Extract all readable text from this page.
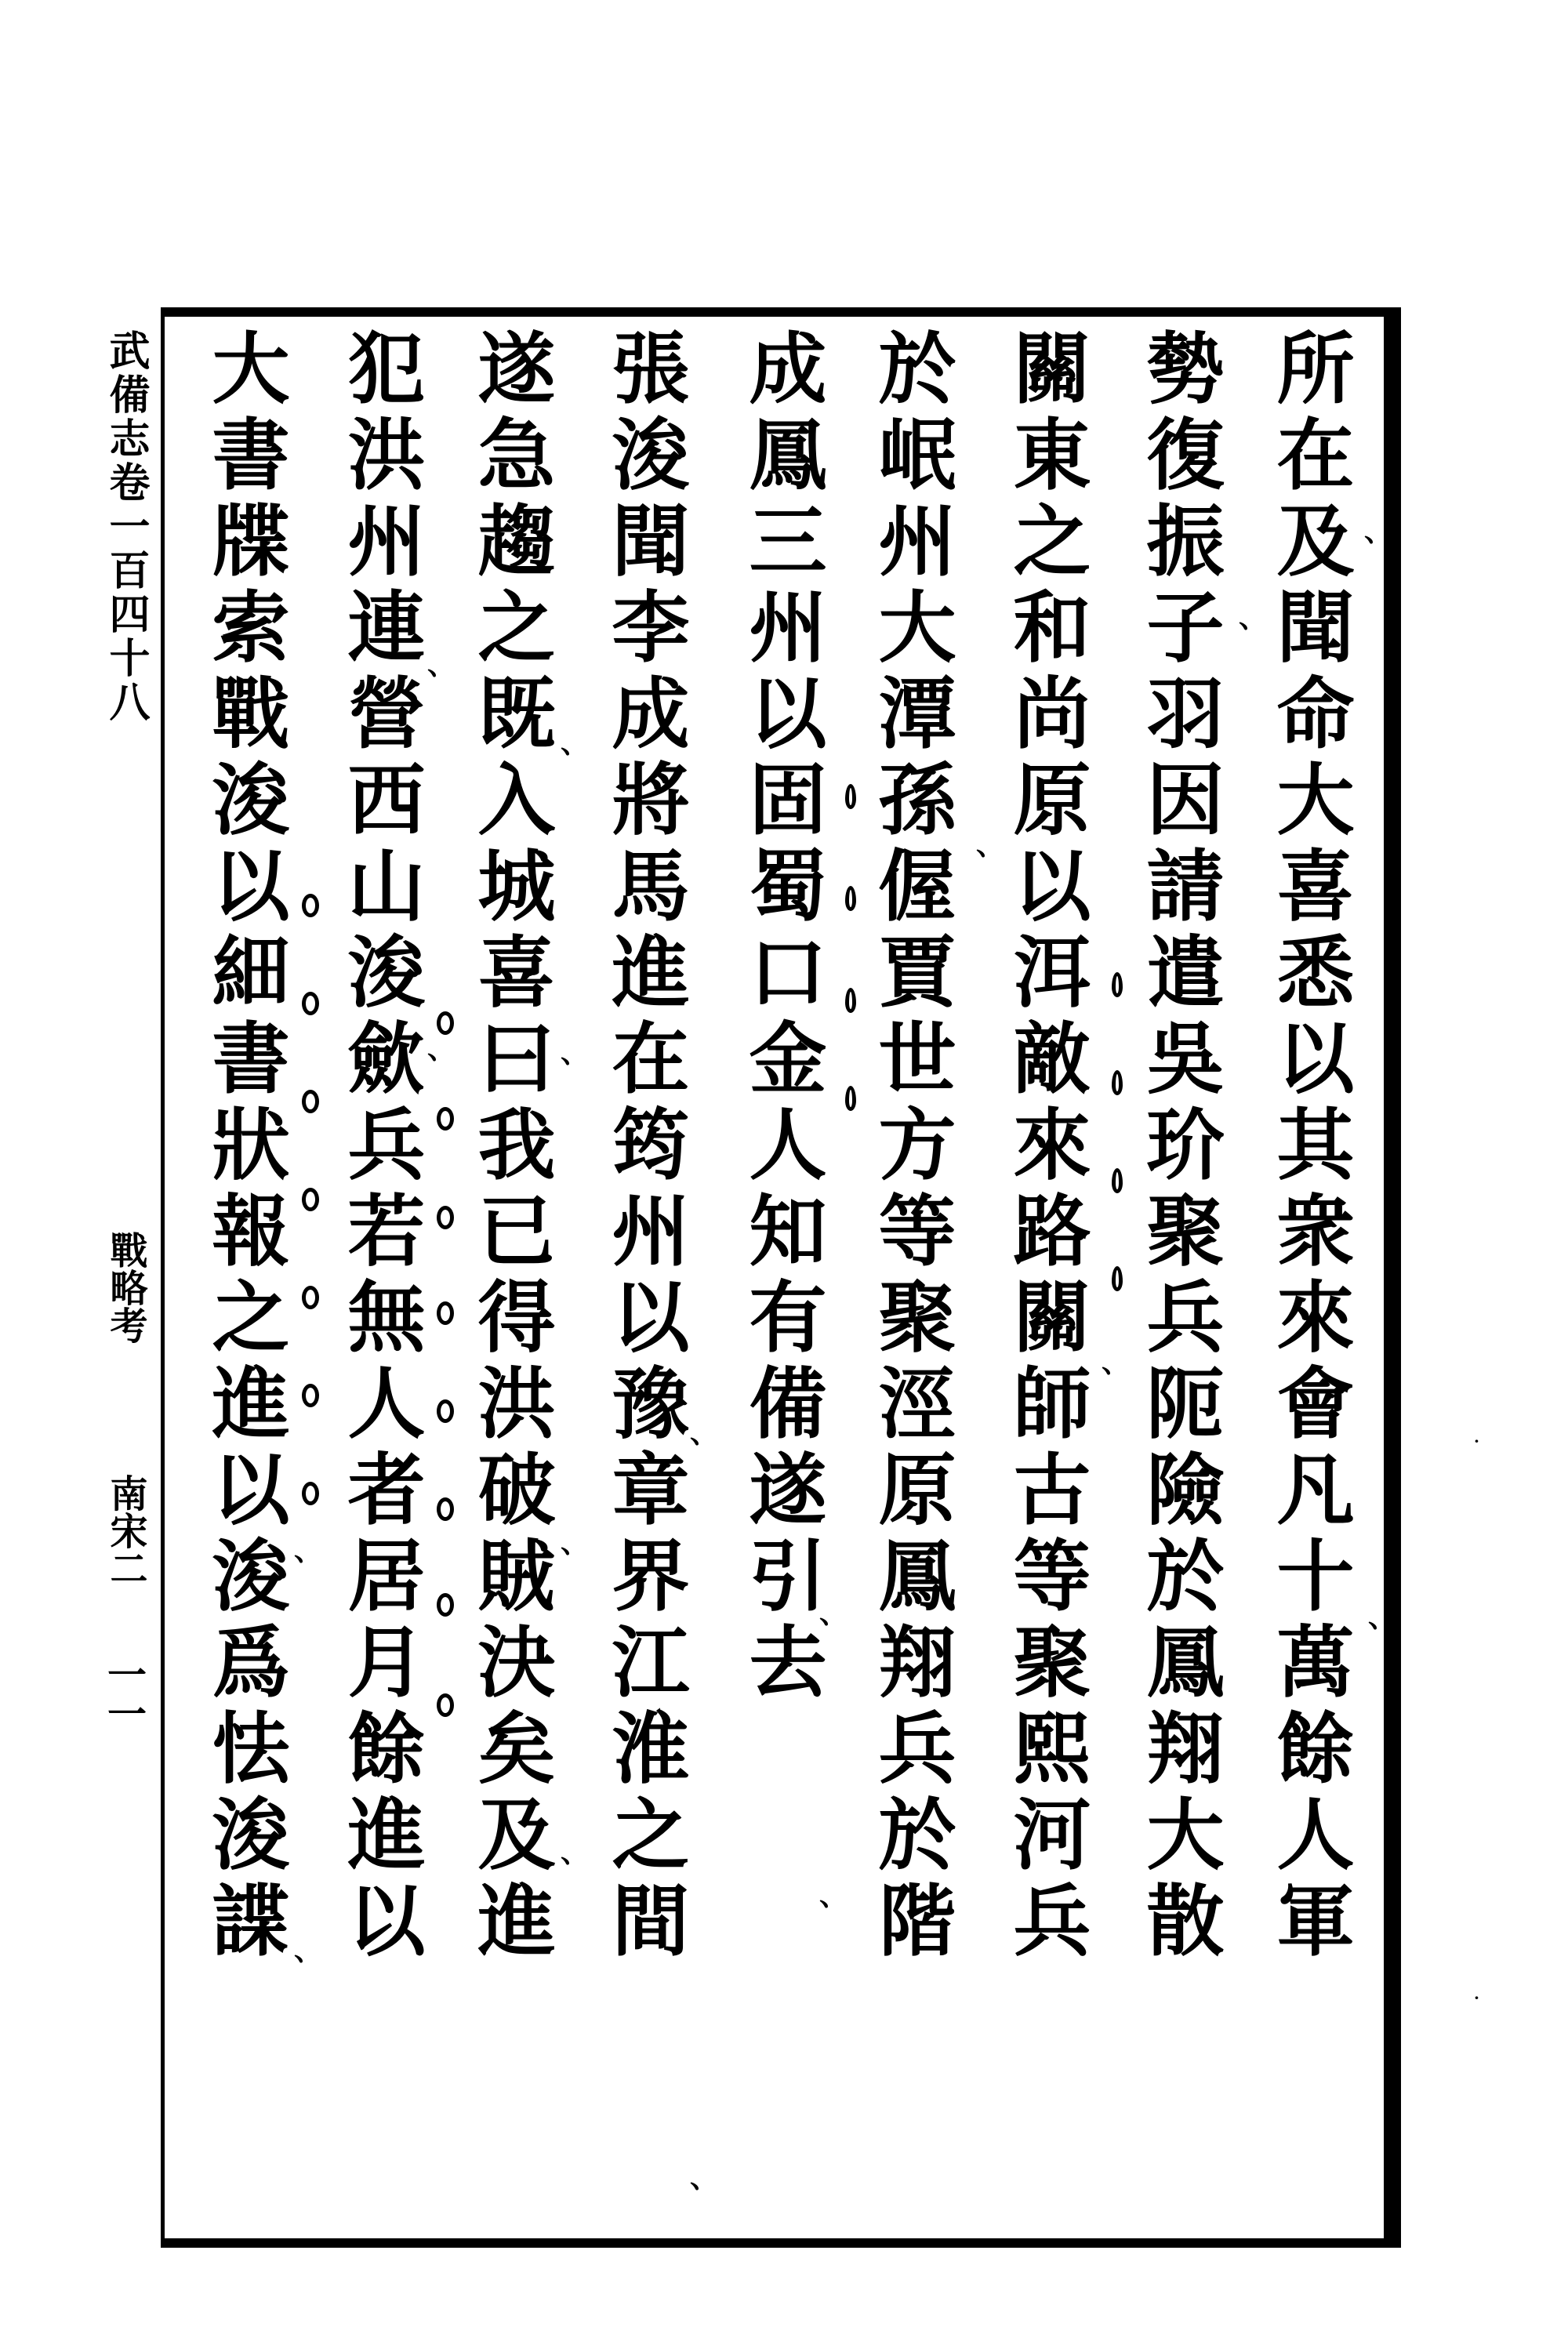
所在及聞命大喜悉以其衆來會凡十萬餘人軍
勢復振子羽因請遣吳玠聚兵阨險於鳳翔大散
關東之和尚原以洱敵來路關師古等聚熙河兵
於岷州大潭孫偓賈世方等聚涇原鳳翔兵於階
成鳳三州以固蜀口金人知有備遂引去
張浚聞李成將馬進在筠州以豫章界江淮之間
遂急趨之既入城喜曰我已得洪破賊決矣及進
犯洪州連營西山浚歛兵若無人者居月餘進以
大書牒索戰浚以細書狀報之進以浚爲怯浚諜
武備志卷一百四十八
戰略考
南宋二
一一
、
、
、
、
、
、
、
、
、
、
、
、
、
、
、
、
、
·
·
